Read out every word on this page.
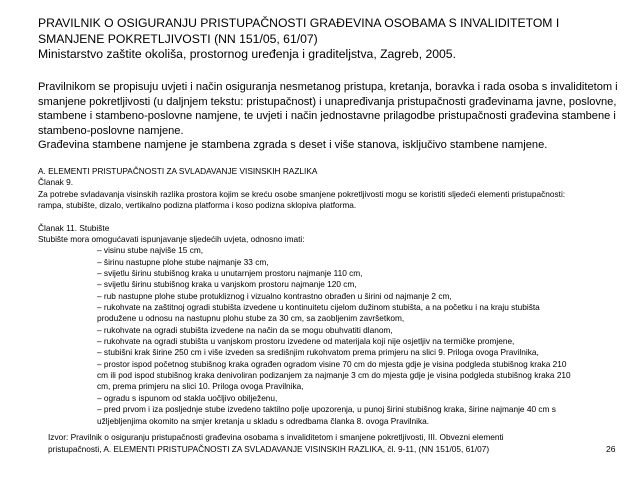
PRAVILNIK O OSIGURANJU PRISTUPAČNOSTI GRAĐEVINA OSOBAMA S INVALIDITETOM I
SMANJENE POKRETLJIVOSTI (NN 151/05, 61/07)
Ministarstvo zaštite okoliša, prostornog uređenja i graditeljstva, Zagreb, 2005.
Pravilnikom se propisuju uvjeti i način osiguranja nesmetanog pristupa, kretanja, boravka i rada osoba s invaliditetom i
smanjene pokretljivosti (u daljnjem tekstu: pristupačnost) i unapređivanja pristupačnosti građevinama javne, poslovne,
stambene i stambeno-poslovne namjene, te uvjeti i način jednostavne prilagodbe pristupačnosti građevina stambene i
stambeno-poslovne namjene.
Građevina stambene namjene je stambena zgrada s deset i više stanova, isključivo stambene namjene.
A. ELEMENTI PRISTUPAČNOSTI ZA SVLADAVANJE VISINSKIH RAZLIKA
Članak 9.
Za potrebe svladavanja visinskih razlika prostora kojim se kreću osobe smanjene pokretljivosti mogu se koristiti sljedeći elementi pristupačnosti:
rampa, stubište, dizalo, vertikalno podizna platforma i koso podizna sklopiva platforma.
Članak 11. Stubište
Stubište mora omogućavati ispunjavanje sljedećih uvjeta, odnosno imati:
– visinu stube najviše 15 cm,
– širinu nastupne plohe stube najmanje 33 cm,
– svijetlu širinu stubišnog kraka u unutarnjem prostoru najmanje 110 cm,
– svijetlu širinu stubišnog kraka u vanjskom prostoru najmanje 120 cm,
– rub nastupne plohe stube protukliznog i vizualno kontrastno obrađen u širini od najmanje 2 cm,
– rukohvate na zaštitnoj ogradi stubišta izvedene u kontinuitetu cijelom dužinom stubišta, a na početku i na kraju stubišta
produžene u odnosu na nastupnu plohu stube za 30 cm, sa zaobljenim završetkom,
– rukohvate na ogradi stubišta izvedene na način da se mogu obuhvatiti dlanom,
– rukohvate na ogradi stubišta u vanjskom prostoru izvedene od materijala koji nije osjetljiv na termičke promjene,
– stubišni krak širine 250 cm i više izveden sa središnjim rukohvatom prema primjeru na slici 9. Priloga ovoga Pravilnika,
– prostor ispod početnog stubišnog kraka ograđen ogradom visine 70 cm do mjesta gdje je visina podgleda stubišnog kraka 210
cm ili pod ispod stubišnog kraka denivoliran podizanjem za najmanje 3 cm do mjesta gdje je visina podgleda stubišnog kraka 210
cm, prema primjeru na slici 10. Priloga ovoga Pravilnika,
– ogradu s ispunom od stakla uočljivo obilježenu,
– pred prvom i iza posljednje stube izvedeno taktilno polje upozorenja, u punoj širini stubišnog kraka, širine najmanje 40 cm s
užljebljenjima okomito na smjer kretanja u skladu s odredbama članka 8. ovoga Pravilnika.
Izvor: Pravilnik o osiguranju pristupačnosti građevina osobama s invaliditetom i smanjene pokretljivosti, III. Obvezni elementi
pristupačnosti, A. ELEMENTI PRISTUPAČNOSTI ZA SVLADAVANJE VISINSKIH RAZLIKA, čl. 9-11, (NN 151/05, 61/07)	26
